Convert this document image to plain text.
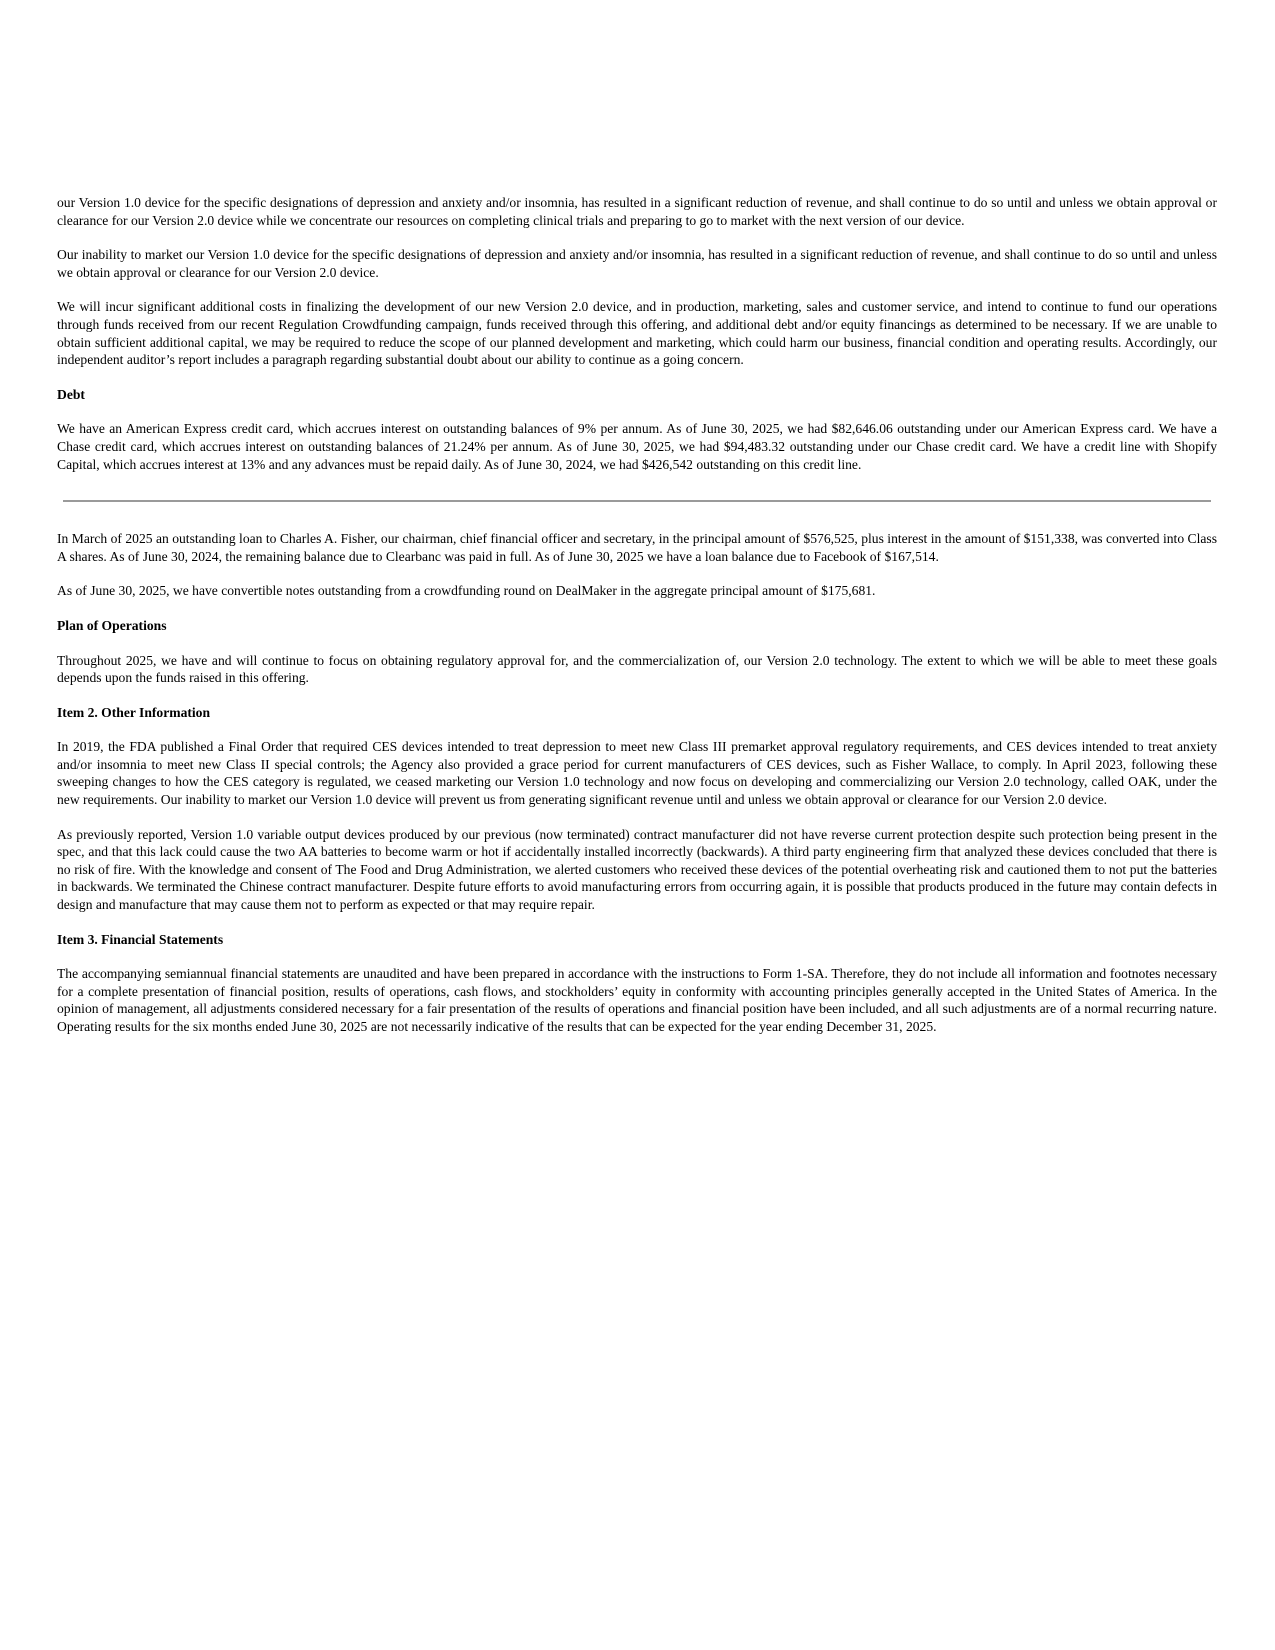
our Version 1.0 device for the specific designations of depression and anxiety and/or insomnia, has resulted in a significant reduction of revenue, and shall continue to do so until and unless we obtain approval or clearance for our Version 2.0 device while we concentrate our resources on completing clinical trials and preparing to go to market with the next version of our device.

Our inability to market our Version 1.0 device for the specific designations of depression and anxiety and/or insomnia, has resulted in a significant reduction of revenue, and shall continue to do so until and unless we obtain approval or clearance for our Version 2.0 device.

We will incur significant additional costs in finalizing the development of our new Version 2.0 device, and in production, marketing, sales and customer service, and intend to continue to fund our operations through funds received from our recent Regulation Crowdfunding campaign, funds received through this offering, and additional debt and/or equity financings as determined to be necessary. If we are unable to obtain sufficient additional capital, we may be required to reduce the scope of our planned development and marketing, which could harm our business, financial condition and operating results. Accordingly, our independent auditor’s report includes a paragraph regarding substantial doubt about our ability to continue as a going concern.

Debt

We have an American Express credit card, which accrues interest on outstanding balances of 9% per annum. As of June 30, 2025, we had $82,646.06 outstanding under our American Express card. We have a Chase credit card, which accrues interest on outstanding balances of 21.24% per annum. As of June 30, 2025, we had $94,483.32 outstanding under our Chase credit card. We have a credit line with Shopify Capital, which accrues interest at 13% and any advances must be repaid daily. As of June 30, 2024, we had $426,542 outstanding on this credit line.

In March of 2025 an outstanding loan to Charles A. Fisher, our chairman, chief financial officer and secretary, in the principal amount of $576,525, plus interest in the amount of $151,338, was converted into Class A shares. As of June 30, 2024, the remaining balance due to Clearbanc was paid in full. As of June 30, 2025 we have a loan balance due to Facebook of $167,514.

As of June 30, 2025, we have convertible notes outstanding from a crowdfunding round on DealMaker in the aggregate principal amount of $175,681.

Plan of Operations

Throughout 2025, we have and will continue to focus on obtaining regulatory approval for, and the commercialization of, our Version 2.0 technology. The extent to which we will be able to meet these goals depends upon the funds raised in this offering.

Item 2. Other Information

In 2019, the FDA published a Final Order that required CES devices intended to treat depression to meet new Class III premarket approval regulatory requirements, and CES devices intended to treat anxiety and/or insomnia to meet new Class II special controls; the Agency also provided a grace period for current manufacturers of CES devices, such as Fisher Wallace, to comply. In April 2023, following these sweeping changes to how the CES category is regulated, we ceased marketing our Version 1.0 technology and now focus on developing and commercializing our Version 2.0 technology, called OAK, under the new requirements. Our inability to market our Version 1.0 device will prevent us from generating significant revenue until and unless we obtain approval or clearance for our Version 2.0 device.

As previously reported, Version 1.0 variable output devices produced by our previous (now terminated) contract manufacturer did not have reverse current protection despite such protection being present in the spec, and that this lack could cause the two AA batteries to become warm or hot if accidentally installed incorrectly (backwards). A third party engineering firm that analyzed these devices concluded that there is no risk of fire. With the knowledge and consent of The Food and Drug Administration, we alerted customers who received these devices of the potential overheating risk and cautioned them to not put the batteries in backwards. We terminated the Chinese contract manufacturer. Despite future efforts to avoid manufacturing errors from occurring again, it is possible that products produced in the future may contain defects in design and manufacture that may cause them not to perform as expected or that may require repair.

Item 3. Financial Statements

The accompanying semiannual financial statements are unaudited and have been prepared in accordance with the instructions to Form 1-SA. Therefore, they do not include all information and footnotes necessary for a complete presentation of financial position, results of operations, cash flows, and stockholders’ equity in conformity with accounting principles generally accepted in the United States of America. In the opinion of management, all adjustments considered necessary for a fair presentation of the results of operations and financial position have been included, and all such adjustments are of a normal recurring nature. Operating results for the six months ended June 30, 2025 are not necessarily indicative of the results that can be expected for the year ending December 31, 2025.
